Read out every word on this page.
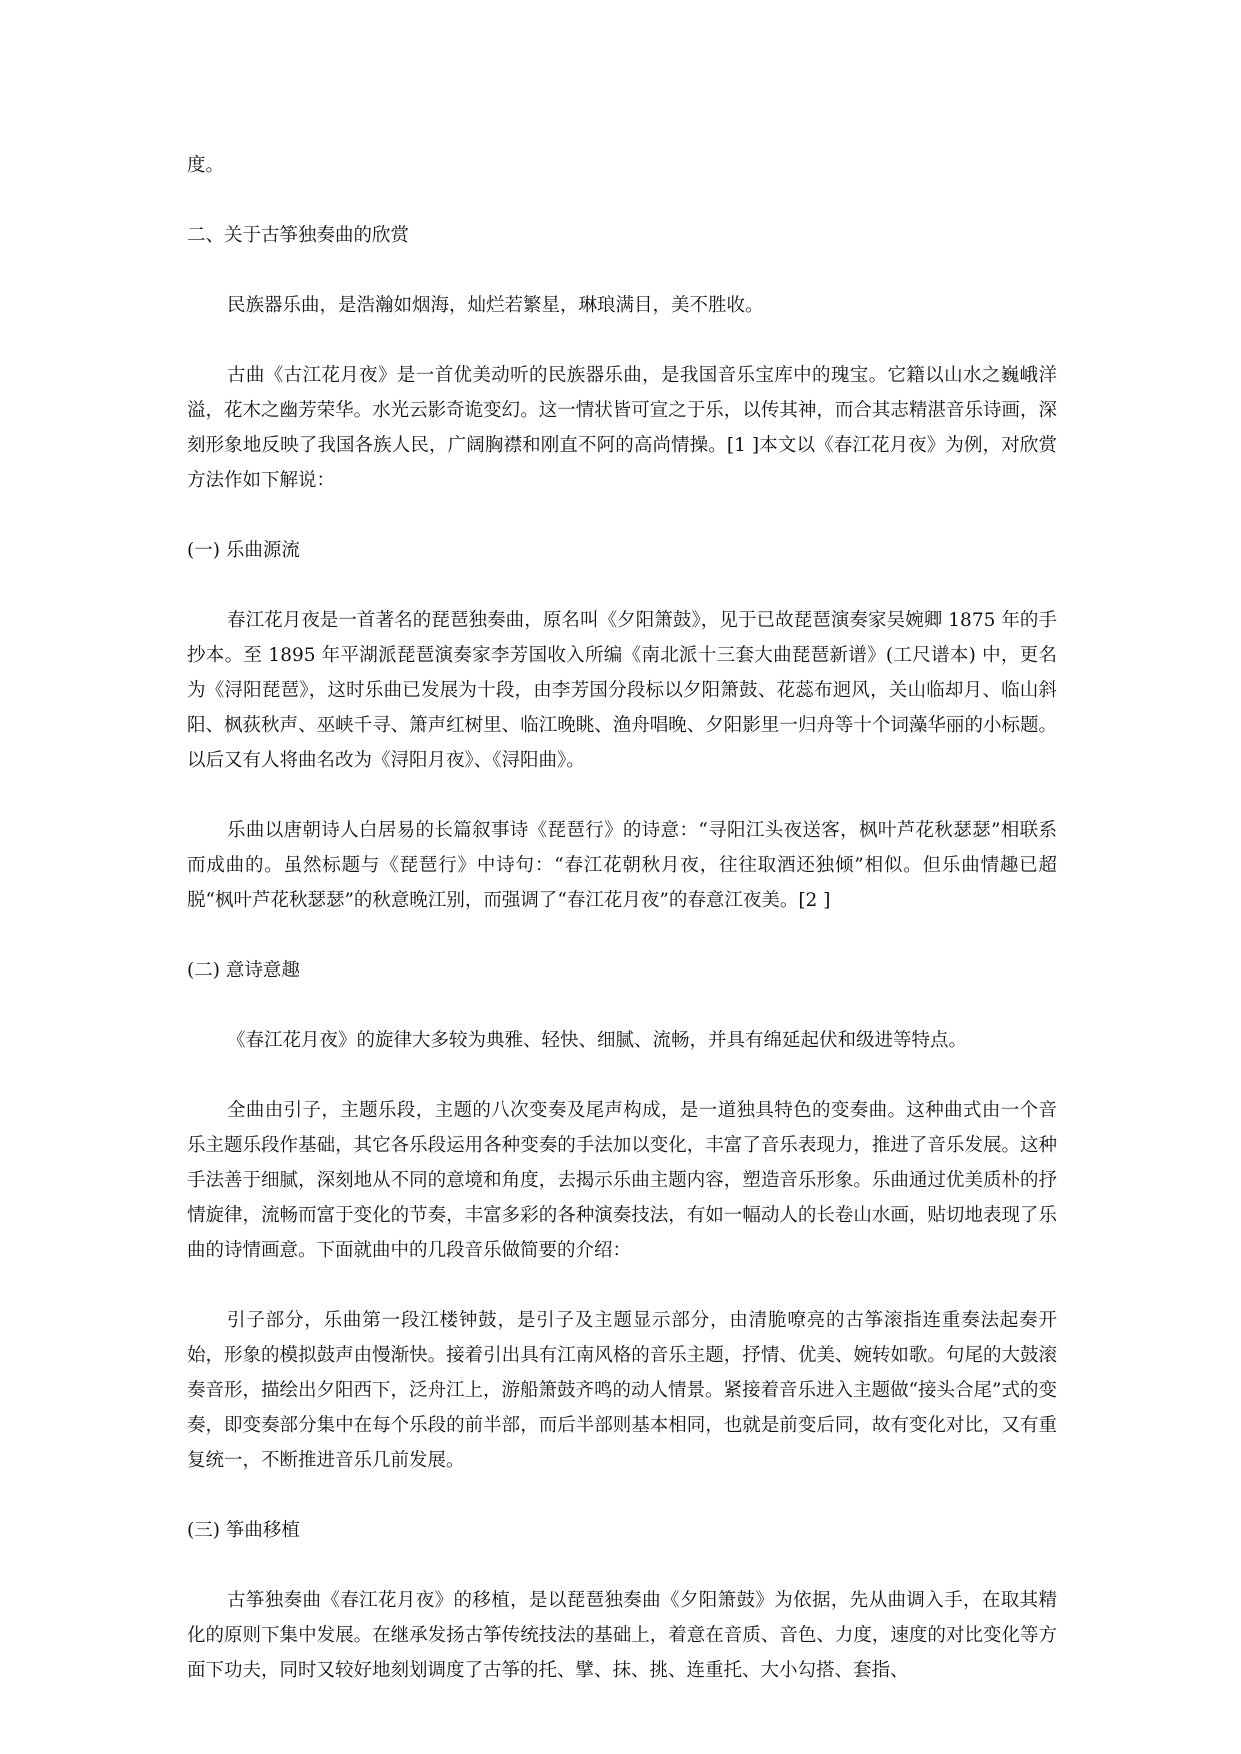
度。

二、关于古筝独奏曲的欣赏

民族器乐曲，是浩瀚如烟海，灿烂若繁星，琳琅满目，美不胜收。

古曲《古江花月夜》是一首优美动听的民族器乐曲，是我国音乐宝库中的瑰宝。它籍以山水之巍峨洋溢，花木之幽芳荣华。水光云影奇诡变幻。这一情状皆可宣之于乐，以传其神，而合其志精湛音乐诗画，深刻形象地反映了我国各族人民，广阔胸襟和刚直不阿的高尚情操。[1 ]本文以《春江花月夜》为例，对欣赏方法作如下解说：

(一) 乐曲源流

春江花月夜是一首著名的琵琶独奏曲，原名叫《夕阳箫鼓》，见于已故琵琶演奏家吴婉卿 1875 年的手抄本。至 1895 年平湖派琵琶演奏家李芳国收入所编《南北派十三套大曲琵琶新谱》(工尺谱本) 中，更名为《浔阳琵琶》，这时乐曲已发展为十段，由李芳国分段标以夕阳箫鼓、花蕊布迥风，关山临却月、临山斜阳、枫荻秋声、巫峡千寻、箫声红树里、临江晚眺、渔舟唱晚、夕阳影里一归舟等十个词藻华丽的小标题。以后又有人将曲名改为《浔阳月夜》、《浔阳曲》。

乐曲以唐朝诗人白居易的长篇叙事诗《琵琶行》的诗意：“寻阳江头夜送客，枫叶芦花秋瑟瑟”相联系而成曲的。虽然标题与《琵琶行》中诗句：“春江花朝秋月夜，往往取酒还独倾”相似。但乐曲情趣已超脱“枫叶芦花秋瑟瑟”的秋意晚江别，而强调了“春江花月夜”的春意江夜美。[2 ]

(二) 意诗意趣

《春江花月夜》的旋律大多较为典雅、轻快、细腻、流畅，并具有绵延起伏和级进等特点。

全曲由引子，主题乐段，主题的八次变奏及尾声构成，是一道独具特色的变奏曲。这种曲式由一个音乐主题乐段作基础，其它各乐段运用各种变奏的手法加以变化，丰富了音乐表现力，推进了音乐发展。这种手法善于细腻，深刻地从不同的意境和角度，去揭示乐曲主题内容，塑造音乐形象。乐曲通过优美质朴的抒情旋律，流畅而富于变化的节奏，丰富多彩的各种演奏技法，有如一幅动人的长卷山水画，贴切地表现了乐曲的诗情画意。下面就曲中的几段音乐做简要的介绍：

引子部分，乐曲第一段江楼钟鼓，是引子及主题显示部分，由清脆嘹亮的古筝滚指连重奏法起奏开始，形象的模拟鼓声由慢渐快。接着引出具有江南风格的音乐主题，抒情、优美、婉转如歌。句尾的大鼓滚奏音形，描绘出夕阳西下，泛舟江上，游船箫鼓齐鸣的动人情景。紧接着音乐进入主题做“接头合尾”式的变奏，即变奏部分集中在每个乐段的前半部，而后半部则基本相同，也就是前变后同，故有变化对比，又有重复统一，不断推进音乐几前发展。

(三) 筝曲移植

古筝独奏曲《春江花月夜》的移植，是以琵琶独奏曲《夕阳箫鼓》为依据，先从曲调入手，在取其精化的原则下集中发展。在继承发扬古筝传统技法的基础上，着意在音质、音色、力度，速度的对比变化等方面下功夫，同时又较好地刻划调度了古筝的托、擘、抹、挑、连重托、大小勾搭、套指、
